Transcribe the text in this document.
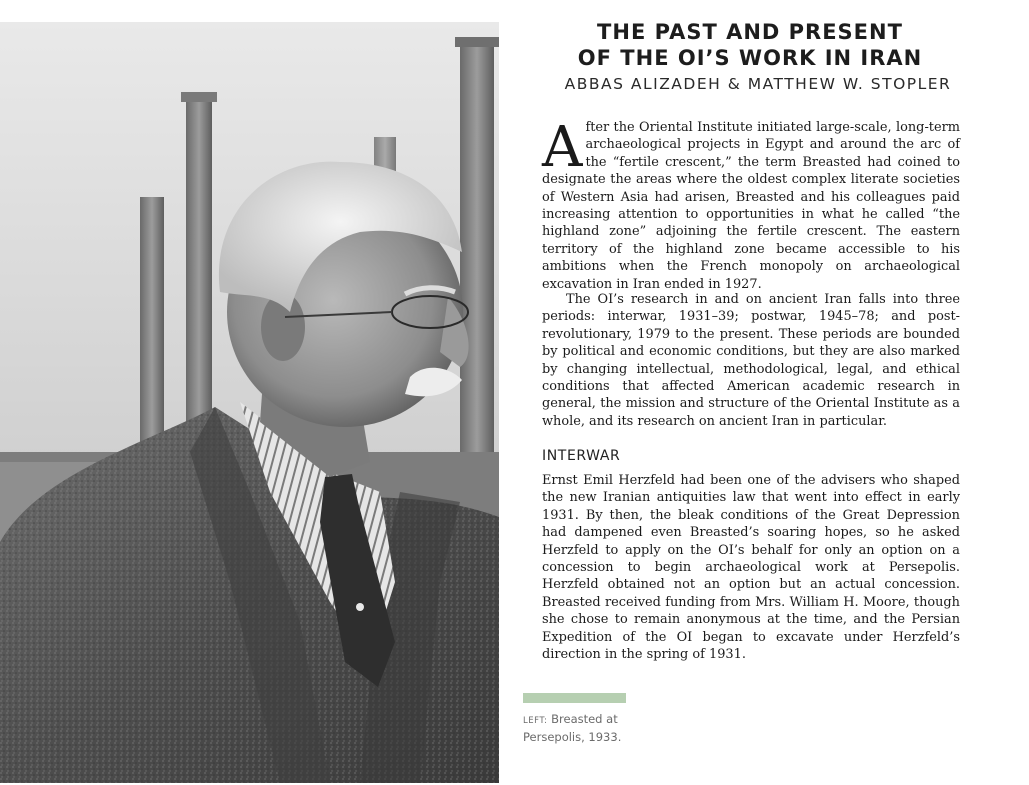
THE PAST AND PRESENT
OF THE OI’S WORK IN IRAN
ABBAS ALIZADEH & MATTHEW W. STOPLER

After the Oriental Institute initiated large-scale, long-term archaeological projects in Egypt and around the arc of the “fertile crescent,” the term Breasted had coined to designate the areas where the oldest complex literate societies of Western Asia had arisen, Breasted and his colleagues paid increasing attention to opportunities in what he called “the highland zone” adjoining the fertile crescent. The eastern territory of the highland zone became accessible to his ambitions when the French monopoly on archaeological excavation in Iran ended in 1927.

The OI’s research in and on ancient Iran falls into three periods: interwar, 1931–39; postwar, 1945–78; and post-revolutionary, 1979 to the present. These periods are bounded by political and economic conditions, but they are also marked by changing intellectual, methodological, legal, and ethical conditions that affected American academic research in general, the mission and structure of the Oriental Institute as a whole, and its research on ancient Iran in particular.

INTERWAR

Ernst Emil Herzfeld had been one of the advisers who shaped the new Iranian antiquities law that went into effect in early 1931. By then, the bleak conditions of the Great Depression had dampened even Breasted’s soaring hopes, so he asked Herzfeld to apply on the OI’s behalf for only an option on a concession to begin archaeological work at Persepolis. Herzfeld obtained not an option but an actual concession. Breasted received funding from Mrs. William H. Moore, though she chose to remain anonymous at the time, and the Persian Expedition of the OI began to excavate under Herzfeld’s direction in the spring of 1931.

LEFT: Breasted at Persepolis, 1933.
